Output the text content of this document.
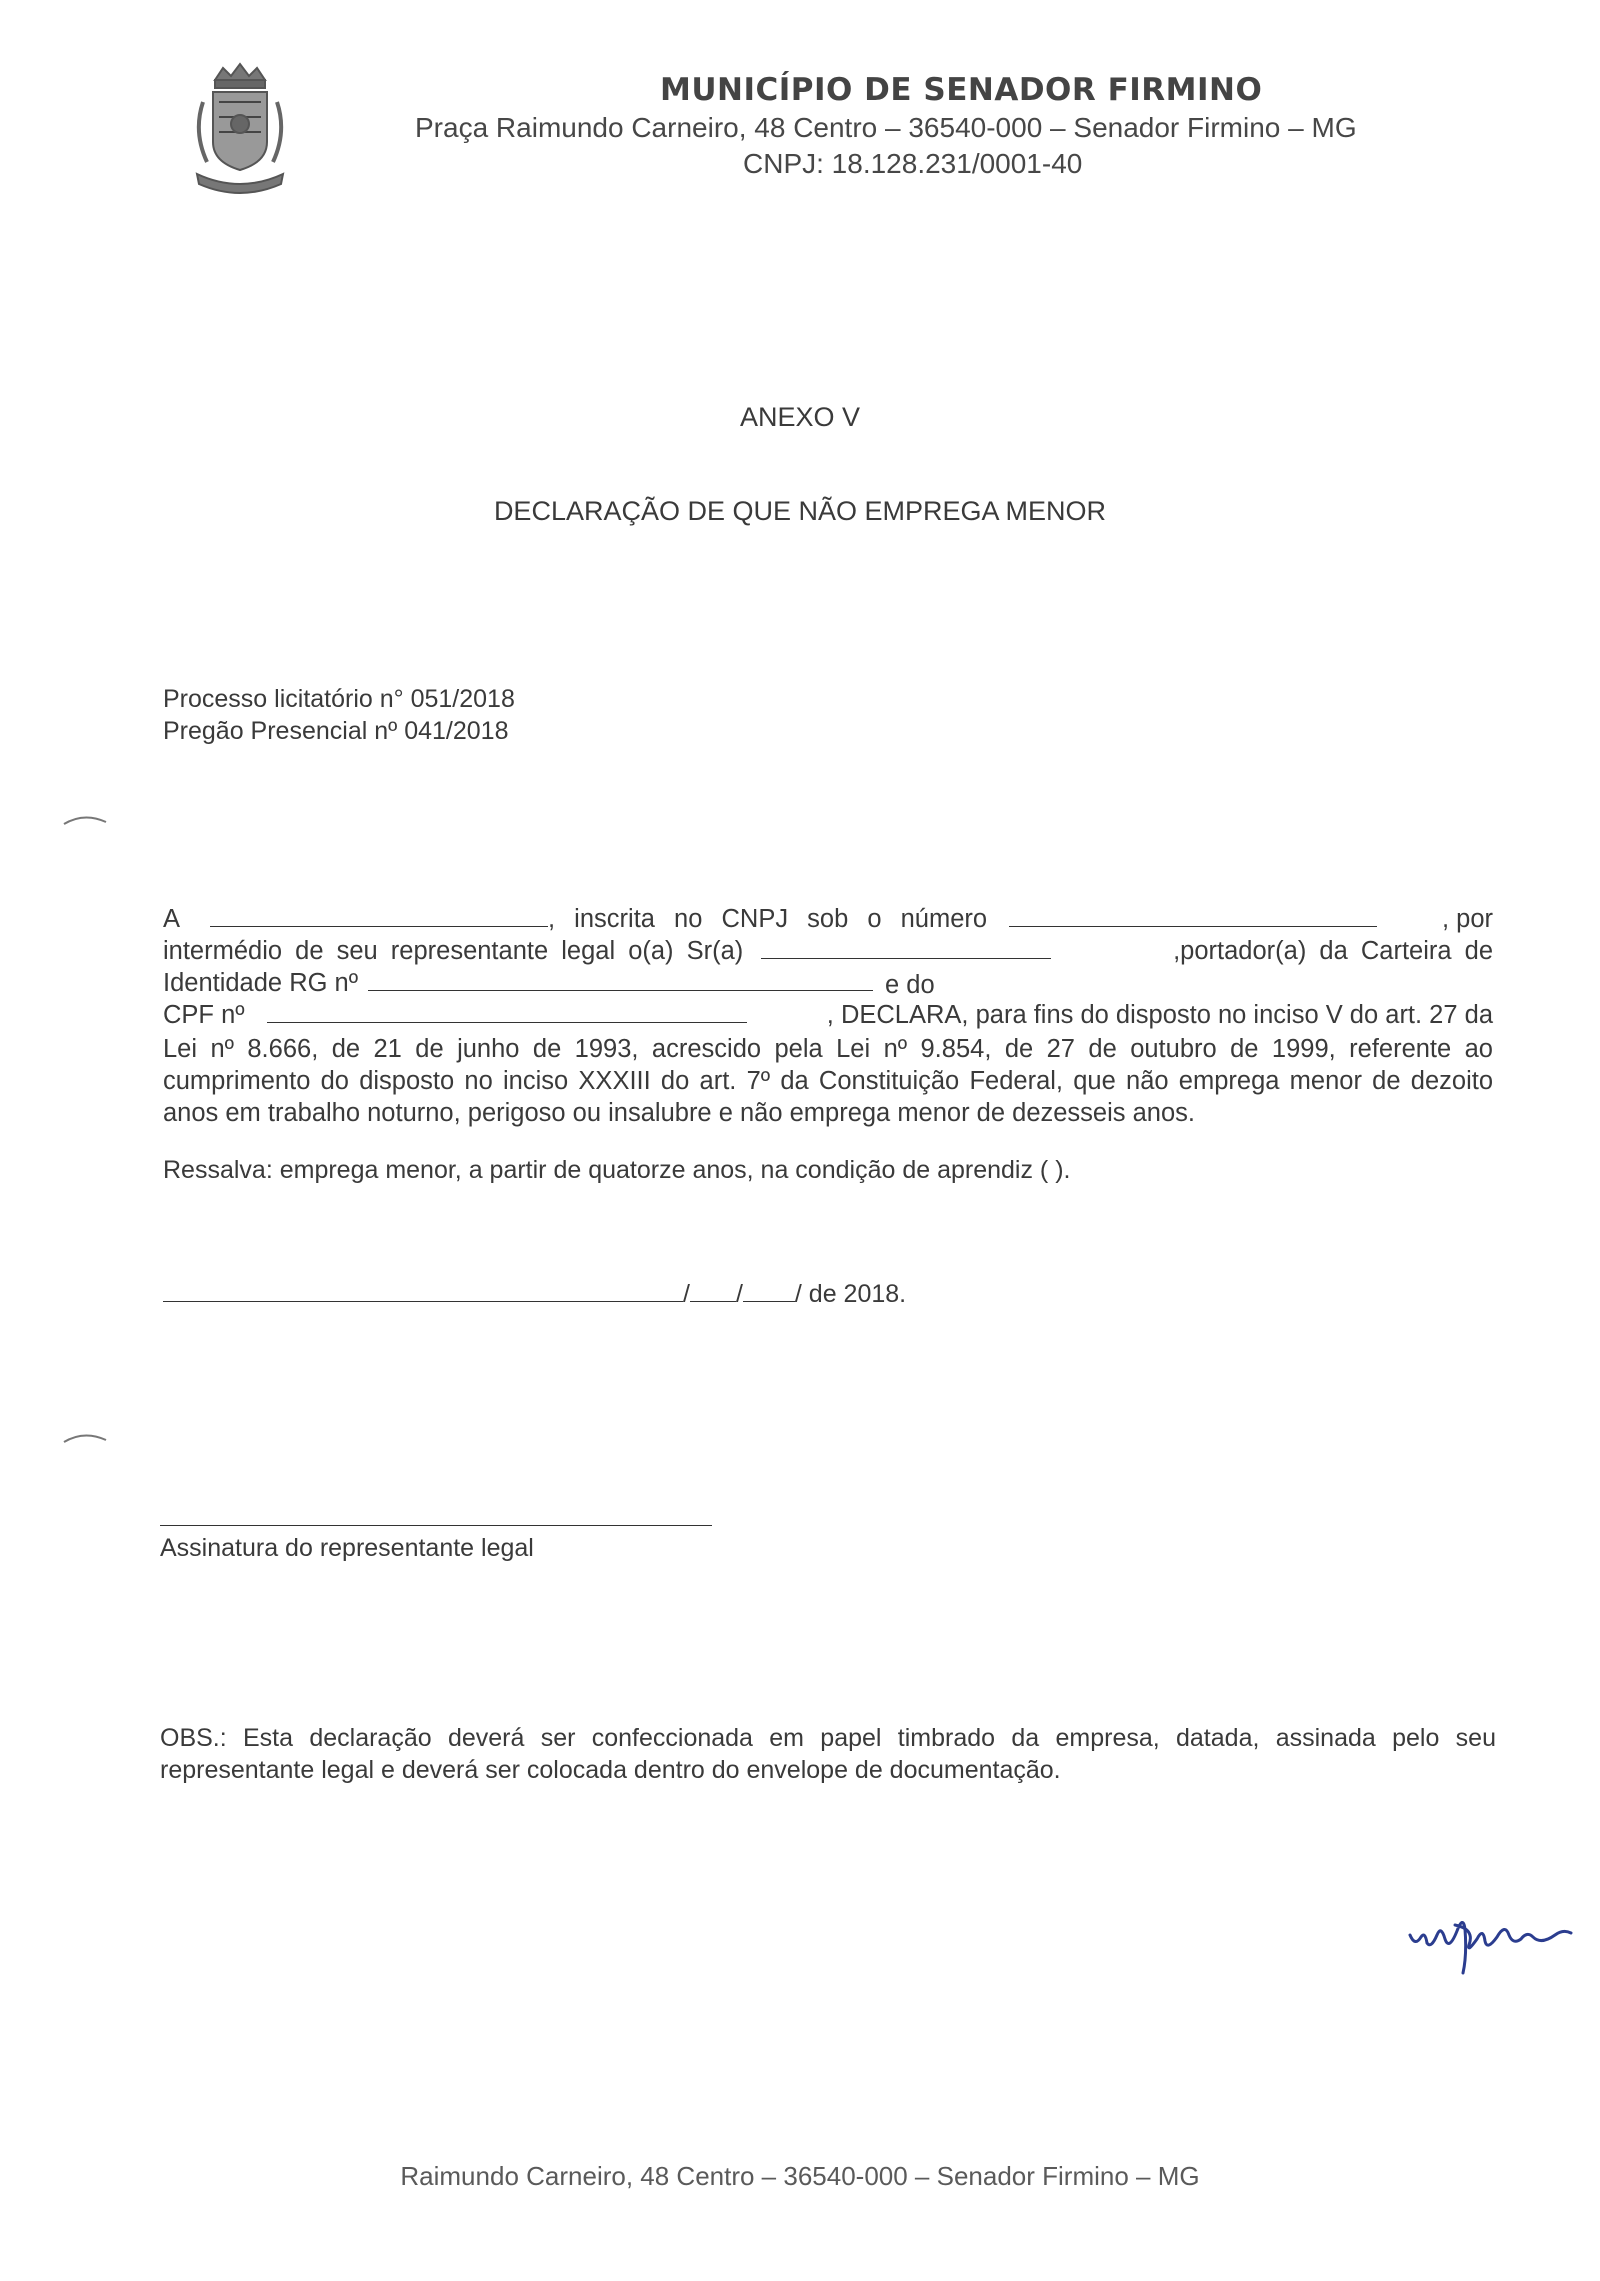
MUNICÍPIO DE SENADOR FIRMINO
Praça Raimundo Carneiro, 48 Centro – 36540-000 – Senador Firmino – MG
CNPJ: 18.128.231/0001-40
ANEXO V
DECLARAÇÃO DE QUE NÃO EMPREGA MENOR
Processo licitatório n° 051/2018
Pregão Presencial nº 041/2018
A	, inscrita no CNPJ sob o número	, por
intermédio de seu representante legal o(a) Sr(a)	,portador(a) da Carteira de
Identidade RG nº	e do
CPF nº	, DECLARA, para fins do disposto no inciso V do art. 27 da
Lei nº 8.666, de 21 de junho de 1993, acrescido pela Lei nº 9.854, de 27 de outubro de 1999, referente ao cumprimento do disposto no inciso XXXIII do art. 7º da Constituição Federal, que não emprega menor de dezoito anos em trabalho noturno, perigoso ou insalubre e não emprega menor de dezesseis anos.
Ressalva: emprega menor, a partir de quatorze anos, na condição de aprendiz ( ).
/ / / de 2018.
Assinatura do representante legal
OBS.: Esta declaração deverá ser confeccionada em papel timbrado da empresa, datada, assinada pelo seu representante legal e deverá ser colocada dentro do envelope de documentação.
Raimundo Carneiro, 48 Centro – 36540-000 – Senador Firmino – MG
